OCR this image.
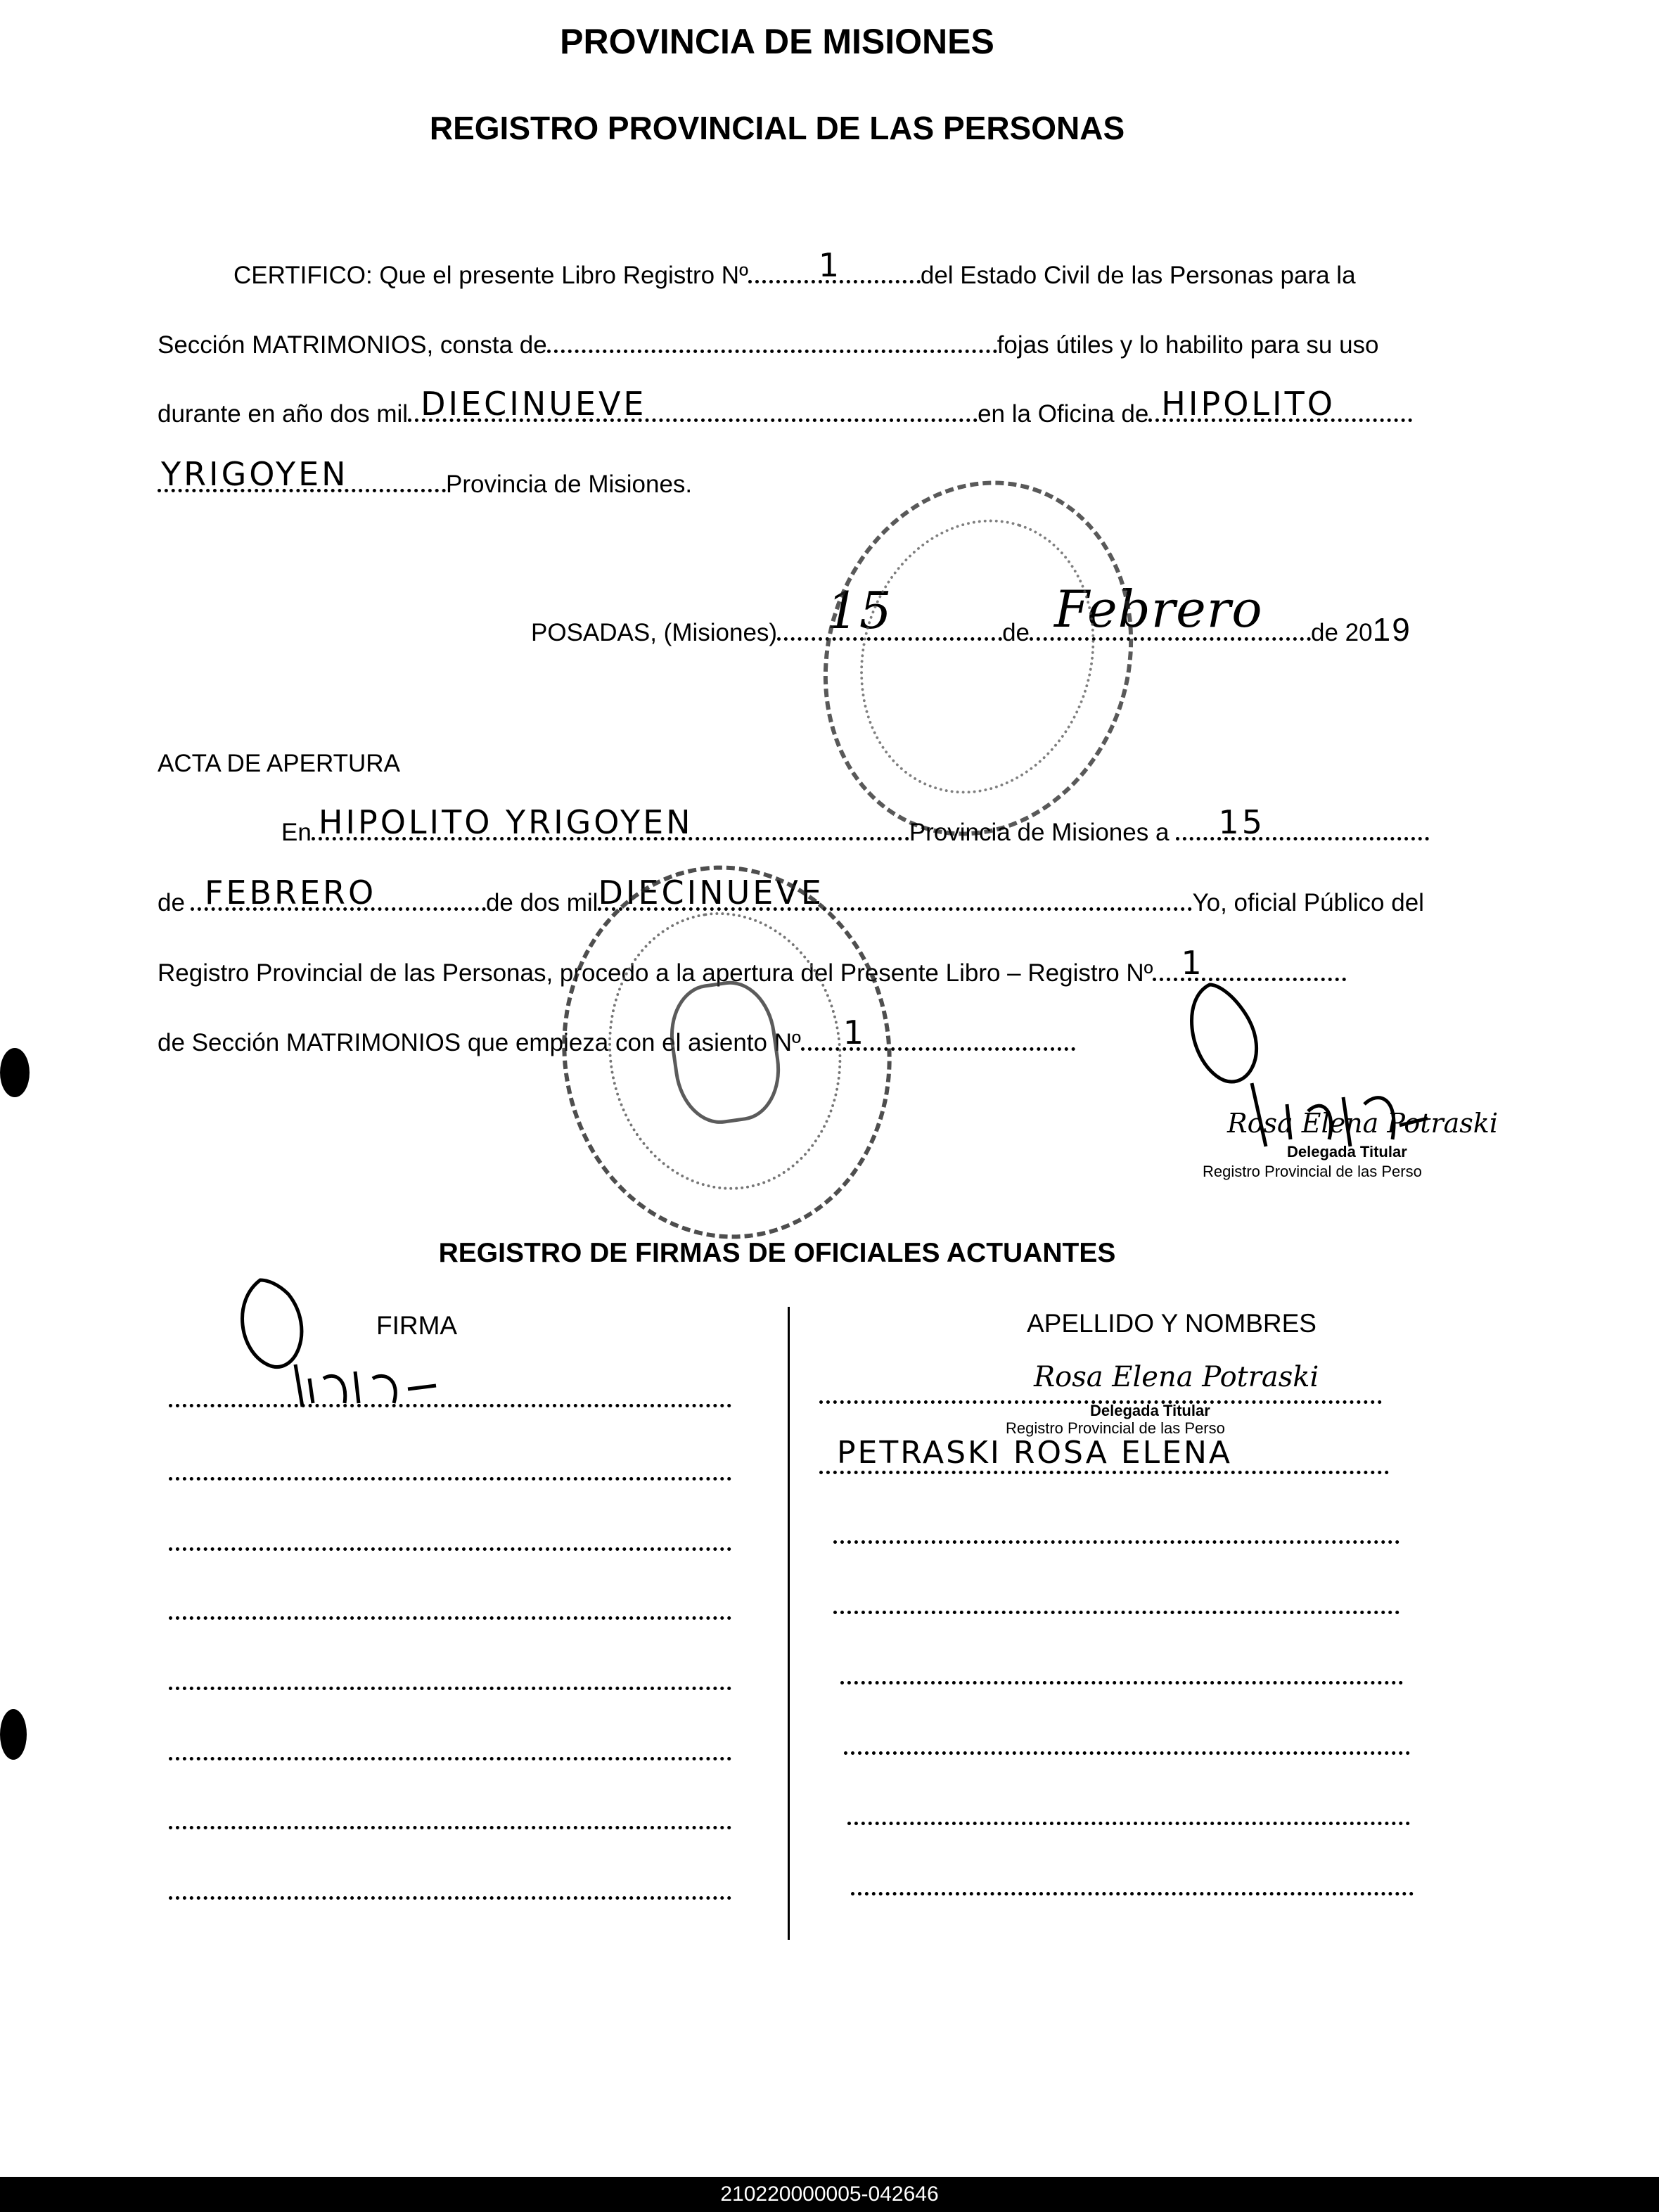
PROVINCIA DE MISIONES
REGISTRO PROVINCIAL DE LAS PERSONAS
CERTIFICO: Que el presente Libro Registro Nº 1	del Estado Civil de las Personas para la
Sección MATRIMONIOS, consta de	fojas útiles y lo habilito para su uso
durante en año dos mil DIECINUEVE	en la Oficina de HIPOLITO
YRIGOYEN	Provincia de Misiones.
POSADAS, (Misiones) 15	de Febrero de 2019
ACTA DE APERTURA
En HIPOLITO YRIGOYEN	Provincia de Misiones a 15
de FEBRERO	de dos mil DIECINUEVE	Yo, oficial Público del
Registro Provincial de las Personas, procedo a la apertura del Presente Libro – Registro Nº 1
de Sección MATRIMONIOS que empieza con el asiento Nº 1
Rosa Elena Potraski
Delegada Titular
Registro Provincial de las Perso
REGISTRO DE FIRMAS DE OFICIALES ACTUANTES
FIRMA	APELLIDO Y NOMBRES
Rosa Elena Potraski
Delegada Titular
Registro Provincial de las Perso
PETRASKI ROSA ELENA
210220000005-042646
